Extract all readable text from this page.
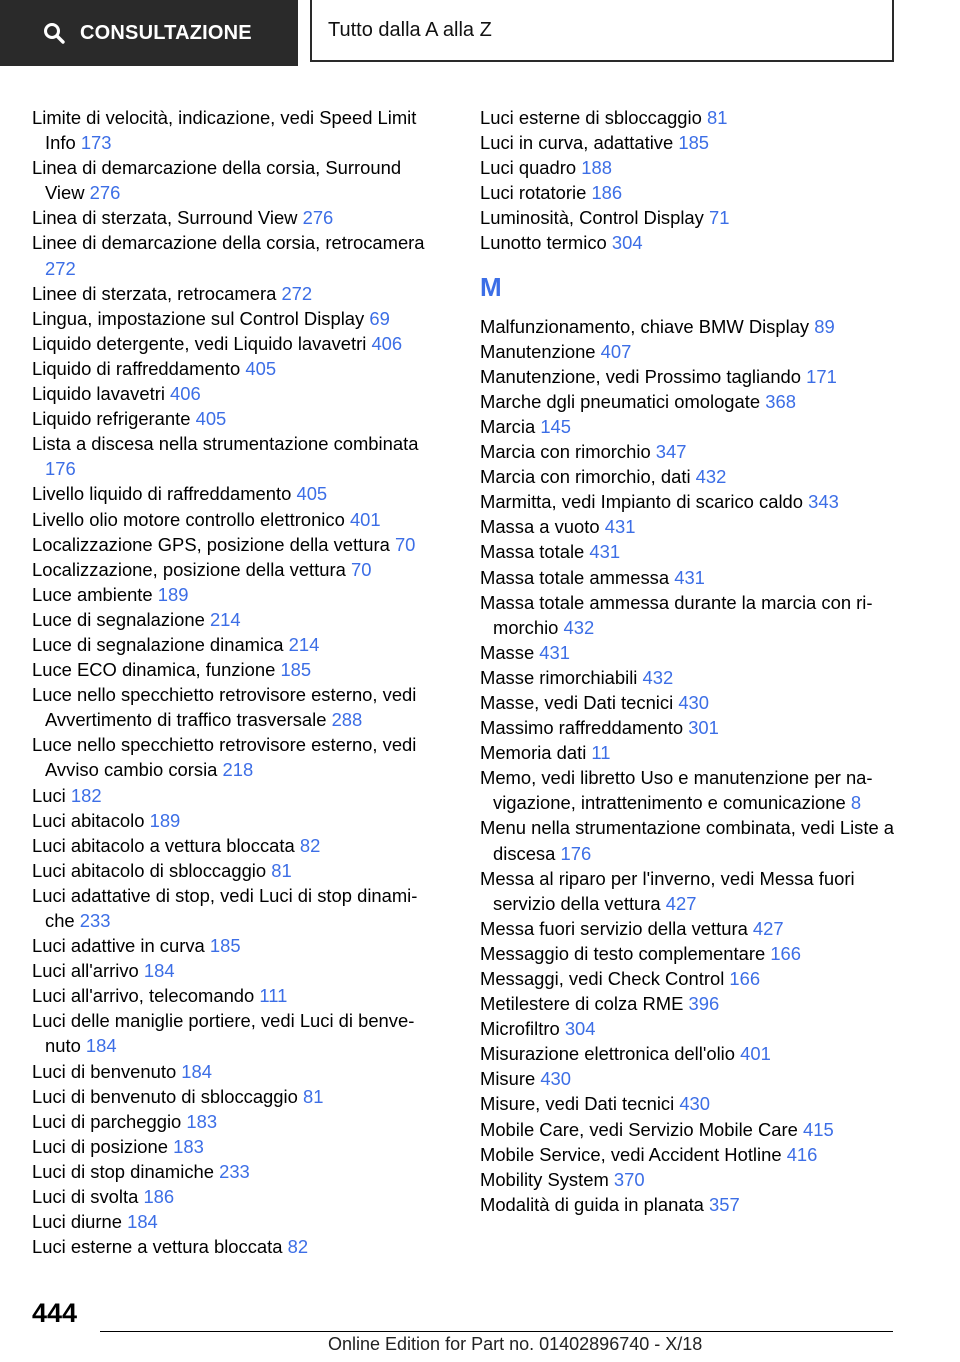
CONSULTAZIONE	Tutto dalla A alla Z
Limite di velocità, indicazione, vedi Speed Limit Info 173
Linea di demarcazione della corsia, Surround View 276
Linea di sterzata, Surround View 276
Linee di demarcazione della corsia, retrocamera 272
Linee di sterzata, retrocamera 272
Lingua, impostazione sul Control Display 69
Liquido detergente, vedi Liquido lavavetri 406
Liquido di raffreddamento 405
Liquido lavavetri 406
Liquido refrigerante 405
Lista a discesa nella strumentazione combinata 176
Livello liquido di raffreddamento 405
Livello olio motore controllo elettronico 401
Localizzazione GPS, posizione della vettura 70
Localizzazione, posizione della vettura 70
Luce ambiente 189
Luce di segnalazione 214
Luce di segnalazione dinamica 214
Luce ECO dinamica, funzione 185
Luce nello specchietto retrovisore esterno, vedi Avvertimento di traffico trasversale 288
Luce nello specchietto retrovisore esterno, vedi Avviso cambio corsia 218
Luci 182
Luci abitacolo 189
Luci abitacolo a vettura bloccata 82
Luci abitacolo di sbloccaggio 81
Luci adattative di stop, vedi Luci di stop dinamiche 233
Luci adattive in curva 185
Luci all'arrivo 184
Luci all'arrivo, telecomando 111
Luci delle maniglie portiere, vedi Luci di benvenuto 184
Luci di benvenuto 184
Luci di benvenuto di sbloccaggio 81
Luci di parcheggio 183
Luci di posizione 183
Luci di stop dinamiche 233
Luci di svolta 186
Luci diurne 184
Luci esterne a vettura bloccata 82
Luci esterne di sbloccaggio 81
Luci in curva, adattative 185
Luci quadro 188
Luci rotatorie 186
Luminosità, Control Display 71
Lunotto termico 304
M
Malfunzionamento, chiave BMW Display 89
Manutenzione 407
Manutenzione, vedi Prossimo tagliando 171
Marche dgli pneumatici omologate 368
Marcia 145
Marcia con rimorchio 347
Marcia con rimorchio, dati 432
Marmitta, vedi Impianto di scarico caldo 343
Massa a vuoto 431
Massa totale 431
Massa totale ammessa 431
Massa totale ammessa durante la marcia con rimorchio 432
Masse 431
Masse rimorchiabili 432
Masse, vedi Dati tecnici 430
Massimo raffreddamento 301
Memoria dati 11
Memo, vedi libretto Uso e manutenzione per navigazione, intrattenimento e comunicazione 8
Menu nella strumentazione combinata, vedi Liste a discesa 176
Messa al riparo per l'inverno, vedi Messa fuori servizio della vettura 427
Messa fuori servizio della vettura 427
Messaggio di testo complementare 166
Messaggi, vedi Check Control 166
Metilestere di colza RME 396
Microfiltro 304
Misurazione elettronica dell'olio 401
Misure 430
Misure, vedi Dati tecnici 430
Mobile Care, vedi Servizio Mobile Care 415
Mobile Service, vedi Accident Hotline 416
Mobility System 370
Modalità di guida in planata 357
444
Online Edition for Part no. 01402896740 - X/18
